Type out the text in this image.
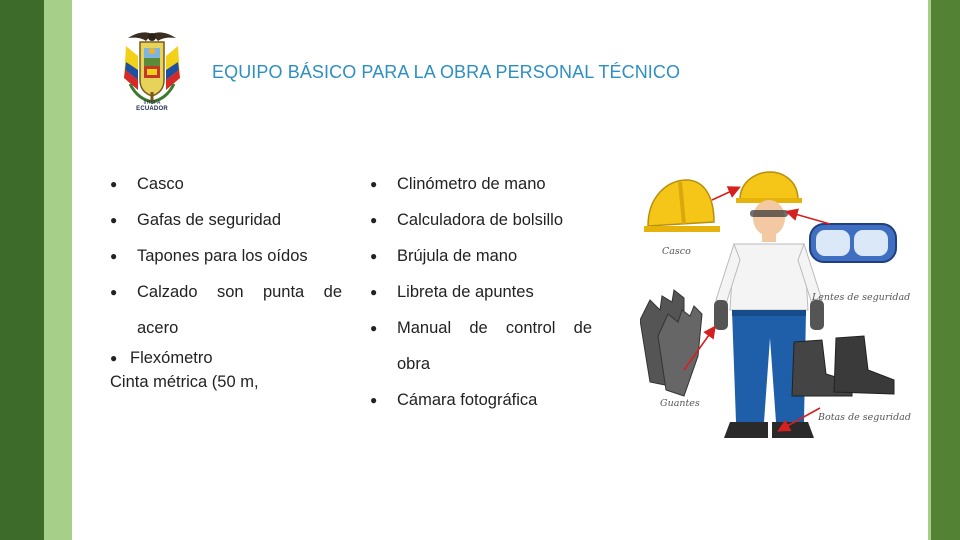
IIHSFA
ECUADOR
EQUIPO BÁSICO PARA LA OBRA PERSONAL TÉCNICO
●	Casco
●	Gafas de seguridad
●	Tapones para los oídos
●	Calzado son punta de
acero
● Flexómetro
Cinta métrica (50 m,
●	Clinómetro de mano
●	Calculadora de bolsillo
●	Brújula de mano
●	Libreta de apuntes
●	Manual de control de
obra
●	Cámara fotográfica
Casco
Lentes de seguridad
Guantes
Botas de seguridad
